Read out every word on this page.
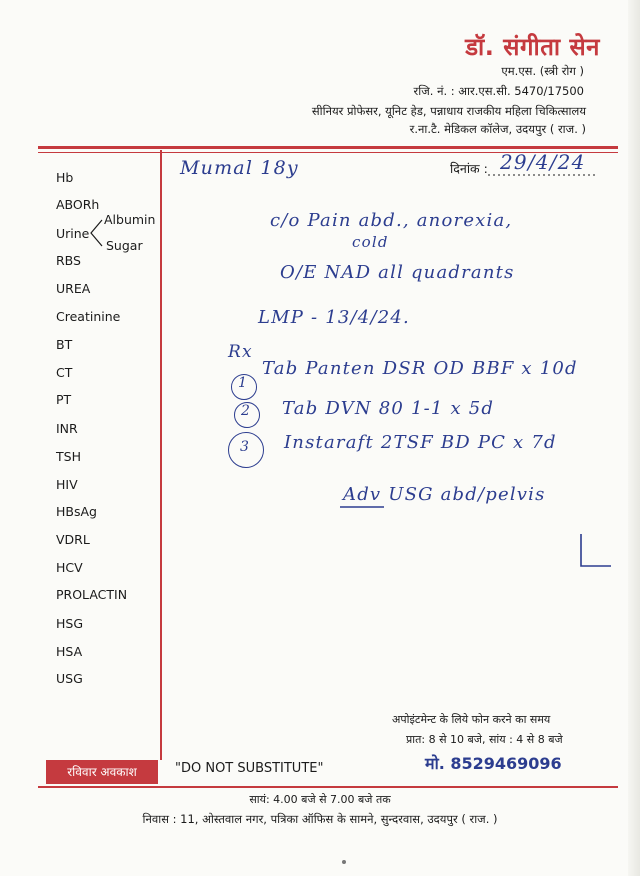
डॉ. संगीता सेन
एम.एस. (स्त्री रोग )
रजि. नं. : आर.एस.सी. 5470/17500
सीनियर प्रोफेसर, यूनिट हेड, पन्नाधाय राजकीय महिला चिकित्सालय
र.ना.टै. मेडिकल कॉलेज, उदयपुर ( राज. )
Hb
ABORh
RBS
UREA
Creatinine
BT
CT
PT
INR
TSH
HIV
HBsAg
VDRL
HCV
PROLACTIN
HSG
HSA
USG
Urine
Albumin
Sugar
दिनांक : 29/4/24
Mumal 18y
c/o Pain abd., anorexia,
cold
O/E NAD all quadrants
LMP - 13/4/24.
Rx
1
Tab Panten DSR OD BBF x 10d
2 Tab DVN 80 1-1 x 5d
3 Instaraft 2TSF BD PC x 7d
Adv USG abd/pelvis
अपोइंटमेन्ट के लिये फोन करने का समय
प्रात: 8 से 10 बजे, सांय : 4 से 8 बजे
मो. 8529469096
रविवार अवकाश	"DO NOT SUBSTITUTE"
सायं: 4.00 बजे से 7.00 बजे तक
निवास : 11, ओस्तवाल नगर, पत्रिका ऑफिस के सामने, सुन्दरवास, उदयपुर ( राज. )
